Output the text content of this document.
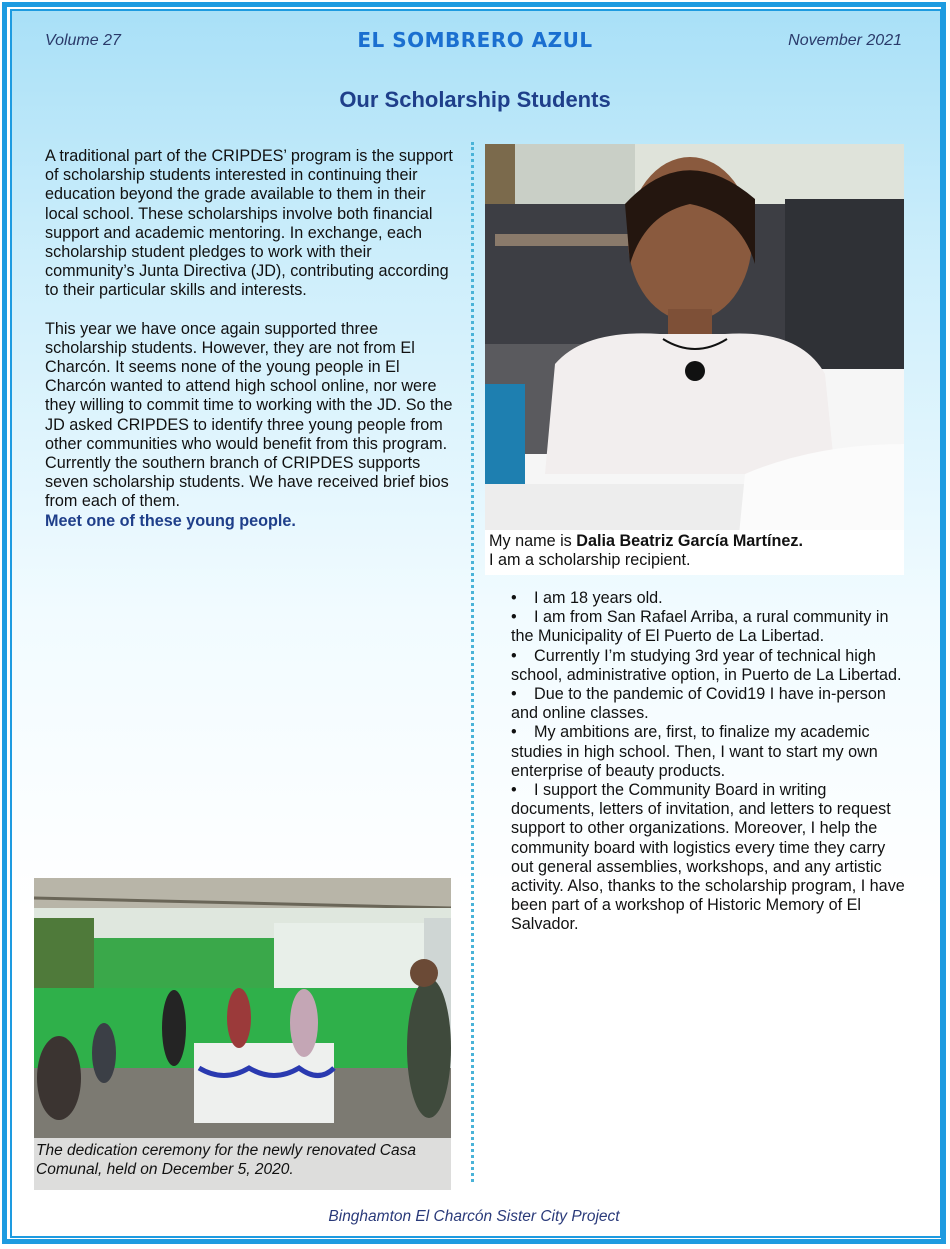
Volume 27	EL SOMBRERO AZUL	November 2021
Our Scholarship Students

A traditional part of the CRIPDES’ program is the support of scholarship students interested in continuing their education beyond the grade available to them in their local school. These scholarships involve both financial support and academic mentoring. In exchange, each scholarship student pledges to work with their community’s Junta Directiva (JD), contributing according to their particular skills and interests.

This year we have once again supported three scholarship students. However, they are not from El Charcón. It seems none of the young people in El Charcón wanted to attend high school online, nor were they willing to commit time to working with the JD. So the JD asked CRIPDES to identify three young people from other communities who would benefit from this program. Currently the southern branch of CRIPDES supports seven scholarship students. We have received brief bios from each of them.

Meet one of these young people.
My name is Dalia Beatriz García Martínez.
I am a scholarship recipient.
• I am 18 years old.
• I am from San Rafael Arriba, a rural community in the Municipality of El Puerto de La Libertad.
• Currently I’m studying 3rd year of technical high school, administrative option, in Puerto de La Libertad.
• Due to the pandemic of Covid19 I have in-person and online classes.
• My ambitions are, first, to finalize my academic studies in high school. Then, I want to start my own enterprise of beauty products.
• I support the Community Board in writing documents, letters of invitation, and letters to request support to other organizations. Moreover, I help the community board with logistics every time they carry out general assemblies, workshops, and any artistic activity. Also, thanks to the scholarship program, I have been part of a workshop of Historic Memory of El Salvador.
The dedication ceremony for the newly renovated Casa Comunal, held on December 5, 2020.
Binghamton El Charcón Sister City Project
